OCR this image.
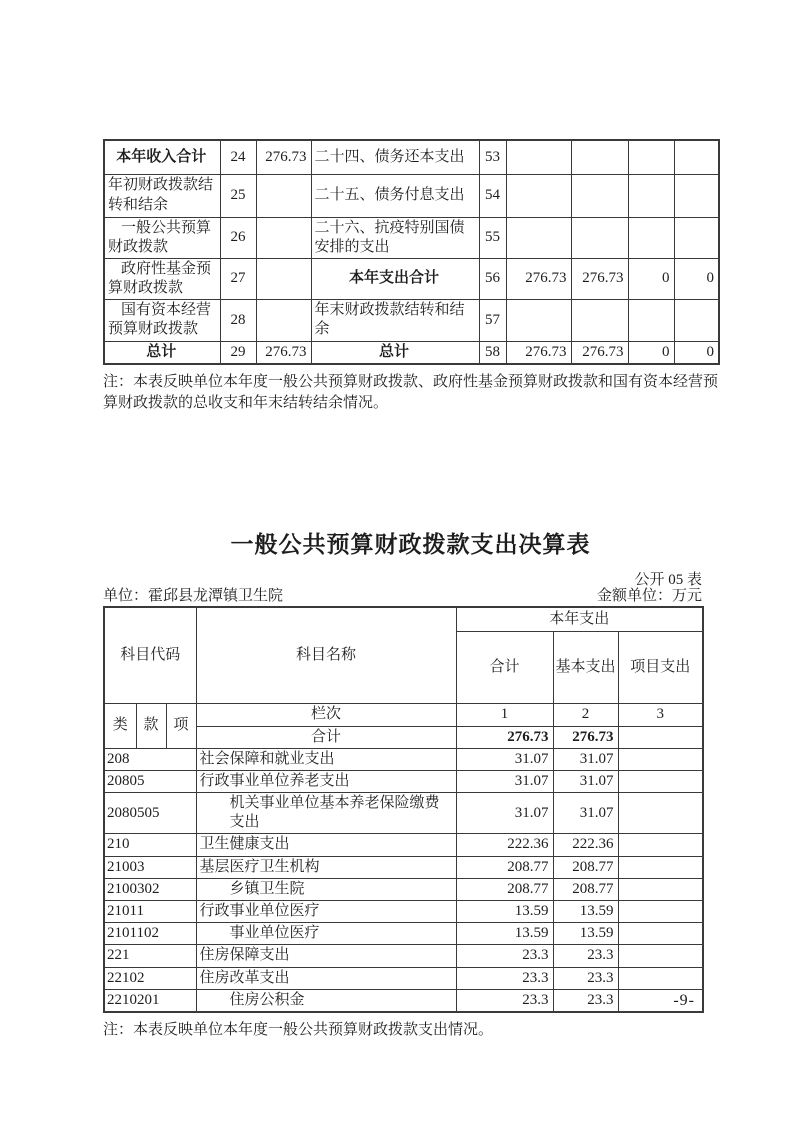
本年收入合计	24	276.73	二十四、债务还本支出	53				
年初财政拨款结转和结余	25		二十五、债务付息支出	54				
一般公共预算财政拨款	26		二十六、抗疫特别国债安排的支出	55				
政府性基金预算财政拨款	27		本年支出合计	56	276.73	276.73	0	0
国有资本经营预算财政拨款	28		年末财政拨款结转和结余	57				
总计	29	276.73	总计	58	276.73	276.73	0	0
注：本表反映单位本年度一般公共预算财政拨款、政府性基金预算财政拨款和国有资本经营预算财政拨款的总收支和年末结转结余情况。
一般公共预算财政拨款支出决算表
公开 05 表
单位：霍邱县龙潭镇卫生院	金额单位：万元
科目代码			科目名称	本年支出		
				合计	基本支出	项目支出
类	款	项	栏次	1	2	3
			合计	276.73	276.73	
208			社会保障和就业支出	31.07	31.07	
20805			行政事业单位养老支出	31.07	31.07	
2080505			机关事业单位基本养老保险缴费支出	31.07	31.07	
210			卫生健康支出	222.36	222.36	
21003			基层医疗卫生机构	208.77	208.77	
2100302			乡镇卫生院	208.77	208.77	
21011			行政事业单位医疗	13.59	13.59	
2101102			事业单位医疗	13.59	13.59	
221			住房保障支出	23.3	23.3	
22102			住房改革支出	23.3	23.3	
2210201			住房公积金	23.3	23.3	
注：本表反映单位本年度一般公共预算财政拨款支出情况。
-9-
